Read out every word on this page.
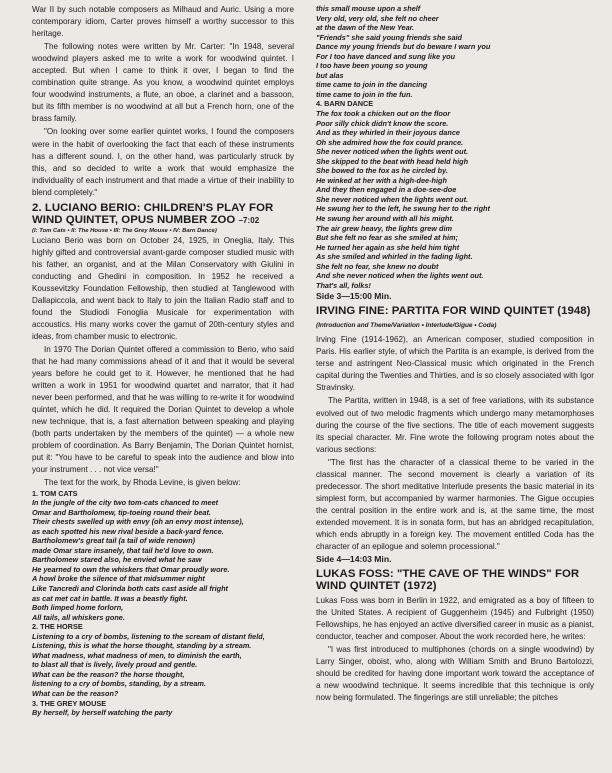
War II by such notable composers as Milhaud and Auric. Using a more contemporary idiom, Carter proves himself a worthy successor to this heritage.

The following notes were written by Mr. Carter: "In 1948, several woodwind players asked me to write a work for woodwind quintet. I accepted. But when I came to think it over, I began to find the combination quite strange. As you know, a woodwind quintet employs four woodwind instruments, a flute, an oboe, a clarinet and a bassoon, but its fifth member is no woodwind at all but a French horn, one of the brass family.

"On looking over some earlier quintet works, I found the composers were in the habit of overlooking the fact that each of these instruments has a different sound. I, on the other hand, was particularly struck by this, and so decided to write a work that would emphasize the individuality of each instrument and that made a virtue of their inability to blend completely."

2. LUCIANO BERIO: CHILDREN'S PLAY FOR WIND QUINTET, OPUS NUMBER ZOO –7:02

(I: Tom Cats • II: The House • III: The Grey Mouse • IV: Barn Dance)

Luciano Berio was born on October 24, 1925, in Oneglia, Italy. This highly gifted and controversial avant-garde composer studied music with his father, an organist, and at the Milan Conservatory with Giulini in conducting and Ghedini in composition. In 1952 he received a Koussevitzky Foundation Fellowship, then studied at Tanglewood with Dallapiccola, and went back to Italy to join the Italian Radio staff and to found the Studiodi Fonoglia Musicale for experimentation with accoustics. His many works cover the gamut of 20th-century styles and ideas, from chamber music to electronic.

In 1970 The Dorian Quintet offered a commission to Berio, who said that he had many commissions ahead of it and that it would be several years before he could get to it. However, he mentioned that he had written a work in 1951 for woodwind quartet and narrator, that it had never been performed, and that he was willing to re-write it for woodwind quintet, which he did. It required the Dorian Quintet to develop a whole new technique, that is, a fast alternation between speaking and playing (both parts undertaken by the members of the quintet) — a whole new problem of coordination. As Barry Benjamin, The Dorian Quintet hornist, put it: "You have to be careful to speak into the audience and blow into your instrument . . . not vice versa!"

The text for the work, by Rhoda Levine, is given below:

1. TOM CATS
In the jungle of the city two tom-cats chanced to meet
Omar and Bartholomew, tip-toeing round their beat.
Their chests swelled up with envy (oh an envy most intense),
as each spotted his new rival beside a back-yard fence.
Bartholomew's great tail (a tail of wide renown)
made Omar stare insanely, that tail he'd love to own.
Bartholomew stared also, he envied what he saw
He yearned to own the whiskers that Omar proudly wore.
A howl broke the silence of that midsummer night
Like Tancredi and Clorinda both cats cast aside all fright
as cat met cat in battle. It was a beastly fight.
Both limped home forlorn,
All tails, all whiskers gone.
2. THE HORSE
Listening to a cry of bombs, listening to the scream of distant field,
Listening, this is what the horse thought, standing by a stream.
What madness, what madness of men, to diminish the earth,
to blast all that is lively, lively proud and gentle.
What can be the reason? the horse thought,
listening to a cry of bombs, standing, by a stream.
What can be the reason?
3. THE GREY MOUSE
By herself, by herself watching the party
this small mouse upon a shelf
Very old, very old, she felt no cheer
at the dawn of the New Year.
"Friends" she said young friends she said
Dance my young friends but do beware I warn you
For I too have danced and sung like you
I too have been young so young
but alas
time came to join in the dancing
time came to join in the fun.
4. BARN DANCE
The fox took a chicken out on the floor
Poor silly chick didn't know the score.
And as they whirled in their joyous dance
Oh she admired how the fox could prance.
She never noticed when the lights went out.
She skipped to the beat with head held high
She bowed to the fox as he circled by.
He winked at her with a high-dee-high
And they then engaged in a doe-see-doe
She never noticed when the lights went out.
He swung her to the left, he swung her to the right
He swung her around with all his might.
The air grew heavy, the lights grew dim
But she felt no fear as she smiled at him;
He turned her again as she held him tight
As she smiled and whirled in the fading light.
She felt no fear, she knew no doubt
And she never noticed when the lights went out.
That's all, folks!

Side 3—15:00 Min.

IRVING FINE: PARTITA FOR WIND QUINTET (1948) (Introduction and Theme/Variation • Interlude/Gigue • Coda)

Irving Fine (1914-1962), an American composer, studied composition in Paris. His earlier style, of which the Partita is an example, is derived from the terse and astringent Neo-Classical music which originated in the French capital during the Twenties and Thirties, and is so closely associated with Igor Stravinsky.

The Partita, written in 1948, is a set of free variations, with its substance evolved out of two melodic fragments which undergo many metamorphoses during the course of the five sections. The title of each movement suggests its special character. Mr. Fine wrote the following program notes about the various sections:

"The first has the character of a classical theme to be varied in the classical manner. The second movement is clearly a variation of its predecessor. The short meditative Interlude presents the basic material in its simplest form, but accompanied by warmer harmonies. The Gigue occupies the central position in the entire work and is, at the same time, the most extended movement. It is in sonata form, but has an abridged recapitulation, which ends abruptly in a foreign key. The movement entitled Coda has the character of an epilogue and solemn processional."

Side 4—14:03 Min.

LUKAS FOSS: "THE CAVE OF THE WINDS" FOR WIND QUINTET (1972)

Lukas Foss was born in Berlin in 1922, and emigrated as a boy of fifteen to the United States. A recipient of Guggenheim (1945) and Fulbright (1950) Fellowships, he has enjoyed an active diversified career in music as a pianist, conductor, teacher and composer. About the work recorded here, he writes:

"I was first introduced to multiphones (chords on a single woodwind) by Larry Singer, oboist, who, along with William Smith and Bruno Bartolozzi, should be credited for having done important work toward the acceptance of a new woodwind technique. It seems incredible that this technique is only now being formulated. The fingerings are still unreliable; the pitches
